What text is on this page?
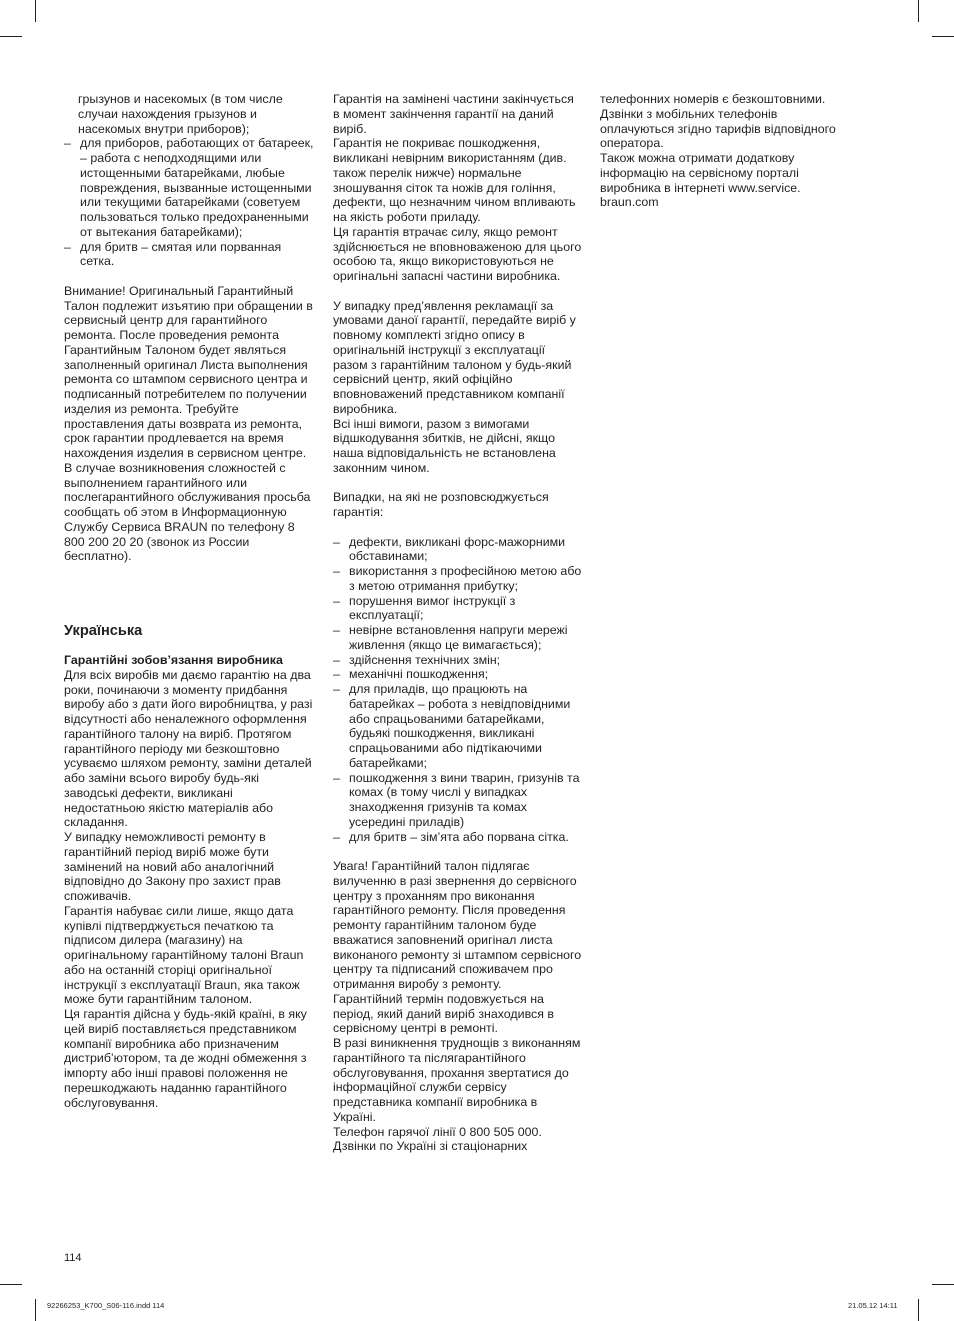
грызунов и насекомых (в том числе случаи нахождения грызунов и насекомых внутри приборов);

– для приборов, работающих от батареек, – работа с неподходящими или истощенными батарейками, любые повреждения, вызванные истощенными или текущими батарейками (советуем пользоваться только предохраненными от вытекания батарейками);
– для бритв – смятая или порванная сетка.

Внимание! Оригинальный Гарантийный Талон подлежит изъятию при обращении в сервисный центр для гарантийного ремонта. После проведения ремонта Гарантийным Талоном будет являться заполненный оригинал Листа выполнения ремонта со штампом сервисного центра и подписанный потребителем по получении изделия из ремонта. Требуйте проставления даты возврата из ремонта, срок гарантии продлевается на время нахождения изделия в сервисном центре. В случае возникновения сложностей с выполнением гарантийного или послегарантийного обслуживания просьба сообщать об этом в Информационную Службу Сервиса BRAUN по телефону 8 800 200 20 20 (звонок из России бесплатно).

Українська

Гарантійні зобов’язання виробника

Для всіх виробів ми даємо гарантію на два роки, починаючи з моменту придбання виробу або з дати його виробництва, у разі відсутності або неналежного оформлення гарантійного талону на виріб. Протягом гарантійного періоду ми безкоштовно усуваємо шляхом ремонту, заміни деталей або заміни всього виробу будь-які заводські дефекти, викликані недостатньою якістю матеріалів або складання.

У випадку неможливості ремонту в гарантійний період виріб може бути замінений на новий або аналогічний відповідно до Закону про захист прав споживачів.

Гарантія набуває сили лише, якщо дата купівлі підтверджується печаткою та підписом дилера (магазину) на оригінальному гарантійному талоні Braun або на останній сторіці оригінальної інструкції з експлуатації Braun, яка також може бути гарантійним талоном.

Ця гарантія дійсна у будь-якій країні, в яку цей виріб поставляється представником компанії виробника або призначеним дистриб’ютором, та де жодні обмеження з імпорту або інші правові положення не перешкоджають наданню гарантійного обслуговування.

Гарантія на замінені частини закінчується в момент закінчення гарантії на даний виріб.

Гарантія не покриває пошкодження, викликані невірним використанням (див. також перелік нижче) нормальне зношування сіток та ножів для гоління, дефекти, що незначним чином впливають на якість роботи приладу.

Ця гарантія втрачає силу, якщо ремонт здійснюється не вповноваженою для цього особою та, якщо використовуються не оригінальні запасні частини виробника.

У випадку пред’явлення рекламації за умовами даної гарантії, передайте виріб у повному комплекті згідно опису в оригінальній інструкції з експлуатації разом з гарантійним талоном у будь-який сервісний центр, який офіційно вповноважений представником компанії виробника.

Всі інші вимоги, разом з вимогами відшкодування збитків, не дійсні, якщо наша відповідальність не встановлена законним чином.

Випадки, на які не розповсюджується гарантія:

– дефекти, викликані форс-мажорними обставинами;
– використання з професійною метою або з метою отримання прибутку;
– порушення вимог інструкції з експлуатації;
– невірне встановлення напруги мережі живлення (якщо це вимагається);
– здійснення технічних змін;
– механічні пошкодження;
– для приладів, що працюють на батарейках – робота з невідповідними або спрацьованими батарейками, будьякі пошкодження, викликані спрацьованими або підтікаючими батарейками;
– пошкодження з вини тварин, гризунів та комах (в тому числі у випадках знаходження гризунів та комах усередині приладів)
– для бритв – зім’ята або порвана сітка.

Увага! Гарантійний талон підлягає вилученню в разі звернення до сервісного центру з проханням про виконання гарантійного ремонту. Після проведення ремонту гарантійним талоном буде вважатися заповнений оригінал листа виконаного ремонту зі штампом сервісного центру та підписаний споживачем про отримання виробу з ремонту.

Гарантійний термін подовжується на період, який даний виріб знаходився в сервісному центрі в ремонті.

В разі виникнення труднощів з виконанням гарантійного та післягарантійного обслуговування, прохання звертатися до інформаційної служби сервісу представника компанії виробника в Україні.

Телефон гарячої лінії 0 800 505 000. Дзвінки по Україні зі стаціонарних

телефонних номерів є безкоштовними. Дзвінки з мобільних телефонів оплачуються згідно тарифів відповідного оператора.

Також можна отримати додаткову інформацію на сервісному порталі виробника в інтернеті www.service. braun.com

114
92266253_K700_S06-116.indd 114	21.05.12 14:11
